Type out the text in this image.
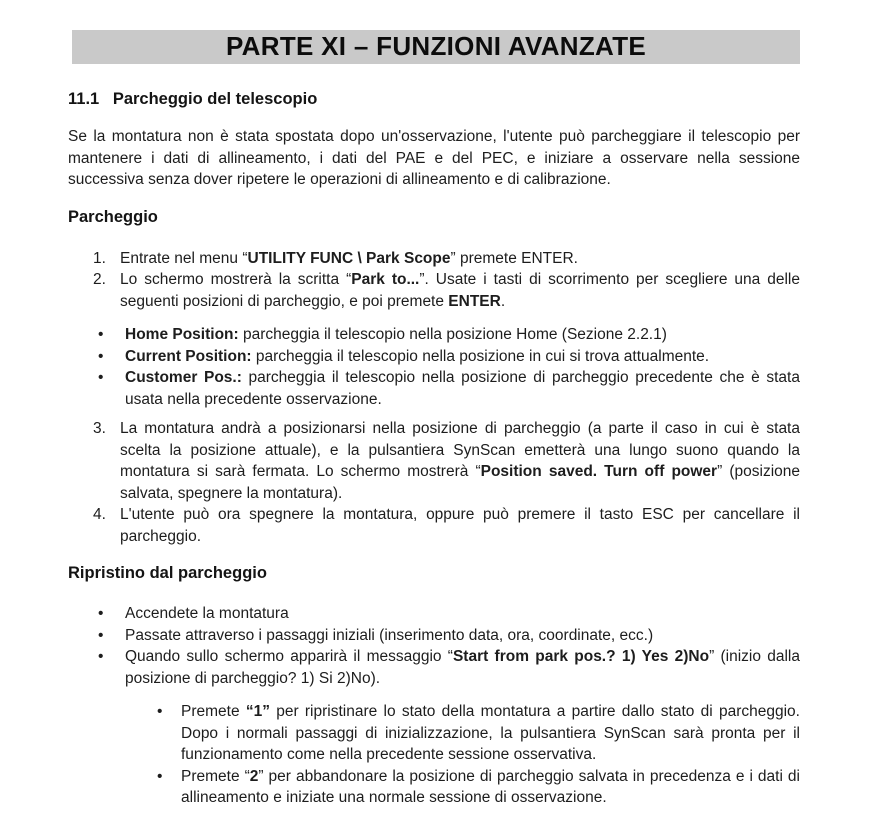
PARTE XI – FUNZIONI AVANZATE
11.1 Parcheggio del telescopio

Se la montatura non è stata spostata dopo un'osservazione, l'utente può parcheggiare il telescopio per mantenere i dati di allineamento, i dati del PAE e del PEC, e iniziare a osservare nella sessione successiva senza dover ripetere le operazioni di allineamento e di calibrazione.

Parcheggio
1. Entrate nel menu “UTILITY FUNC \ Park Scope” premete ENTER.
2. Lo schermo mostrerà la scritta “Park to...”. Usate i tasti di scorrimento per scegliere una delle seguenti posizioni di parcheggio, e poi premete ENTER.
•	Home Position: parcheggia il telescopio nella posizione Home (Sezione 2.2.1)
•	Current Position: parcheggia il telescopio nella posizione in cui si trova attualmente.
•	Customer Pos.: parcheggia il telescopio nella posizione di parcheggio precedente che è stata usata nella precedente osservazione.
3. La montatura andrà a posizionarsi nella posizione di parcheggio (a parte il caso in cui è stata scelta la posizione attuale), e la pulsantiera SynScan emetterà una lungo suono quando la montatura si sarà fermata. Lo schermo mostrerà “Position saved. Turn off power” (posizione salvata, spegnere la montatura).
4. L'utente può ora spegnere la montatura, oppure può premere il tasto ESC per cancellare il parcheggio.
Ripristino dal parcheggio
•	Accendete la montatura
•	Passate attraverso i passaggi iniziali (inserimento data, ora, coordinate, ecc.)
•	Quando sullo schermo apparirà il messaggio “Start from park pos.? 1) Yes 2)No” (inizio dalla posizione di parcheggio? 1) Si 2)No).
•	Premete “1” per ripristinare lo stato della montatura a partire dallo stato di parcheggio. Dopo i normali passaggi di inizializzazione, la pulsantiera SynScan sarà pronta per il funzionamento come nella precedente sessione osservativa.
•	Premete “2” per abbandonare la posizione di parcheggio salvata in precedenza e i dati di allineamento e iniziate una normale sessione di osservazione.
